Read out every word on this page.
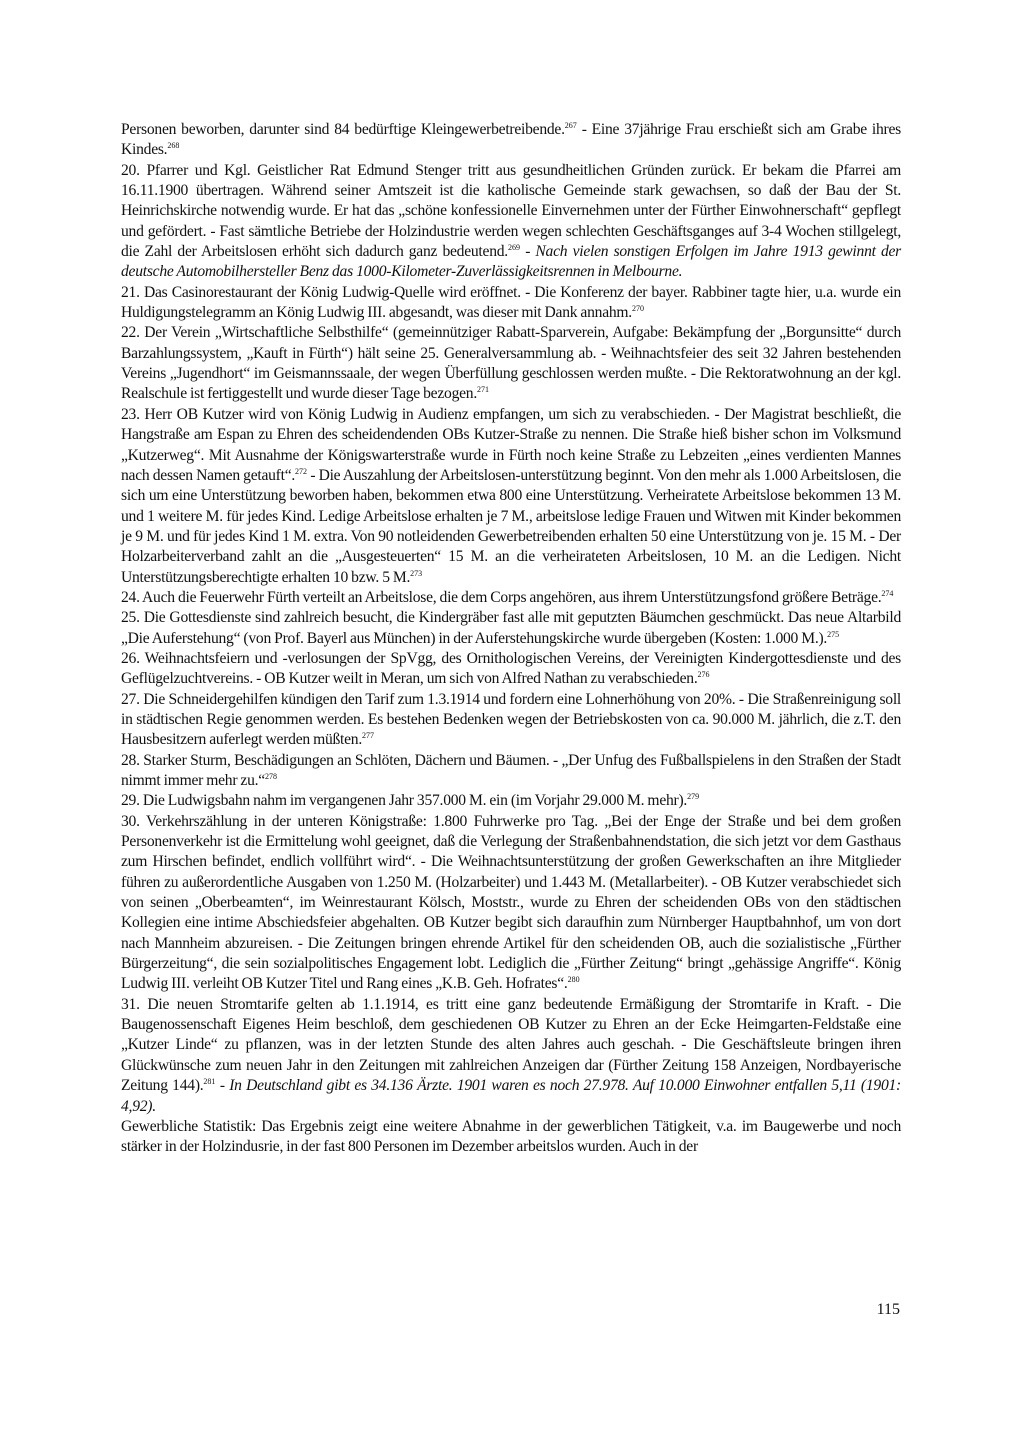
Personen beworben, darunter sind 84 bedürftige Kleingewerbetreibende.$^{267}$ - Eine 37jährige Frau erschießt sich am Grabe ihres Kindes.$^{268}$

20. Pfarrer und Kgl. Geistlicher Rat Edmund Stenger tritt aus gesundheitlichen Gründen zurück. Er bekam die Pfarrei am 16.11.1900 übertragen. Während seiner Amtszeit ist die katholische Gemeinde stark gewachsen, so daß der Bau der St. Heinrichskirche notwendig wurde. Er hat das „schöne konfessionelle Einvernehmen unter der Fürther Einwohnerschaft“ gepflegt und gefördert. - Fast sämtliche Betriebe der Holzindustrie werden wegen schlechten Geschäftsganges auf 3-4 Wochen stillgelegt, die Zahl der Arbeitslosen erhöht sich dadurch ganz bedeutend.$^{269}$ - Nach vielen sonstigen Erfolgen im Jahre 1913 gewinnt der deutsche Automobilhersteller Benz das 1000-Kilometer-Zuverlässigkeitsrennen in Melbourne.

21. Das Casinorestaurant der König Ludwig-Quelle wird eröffnet. - Die Konferenz der bayer. Rabbiner tagte hier, u.a. wurde ein Huldigungstelegramm an König Ludwig III. abgesandt, was dieser mit Dank annahm.$^{270}$

22. Der Verein „Wirtschaftliche Selbsthilfe“ (gemeinnütziger Rabatt-Sparverein, Aufgabe: Bekämpfung der „Borgunsitte“ durch Barzahlungssystem, „Kauft in Fürth“) hält seine 25. Generalversammlung ab. - Weihnachtsfeier des seit 32 Jahren bestehenden Vereins „Jugendhort“ im Geismannssaale, der wegen Überfüllung geschlossen werden mußte. - Die Rektoratwohnung an der kgl. Realschule ist fertiggestellt und wurde dieser Tage bezogen.$^{271}$

23. Herr OB Kutzer wird von König Ludwig in Audienz empfangen, um sich zu verabschieden. - Der Magistrat beschließt, die Hangstraße am Espan zu Ehren des scheidendenden OBs Kutzer-Straße zu nennen. Die Straße hieß bisher schon im Volksmund „Kutzerweg“. Mit Ausnahme der Königswarterstraße wurde in Fürth noch keine Straße zu Lebzeiten „eines verdienten Mannes nach dessen Namen getauft“.$^{272}$ - Die Auszahlung der Arbeitslosen-unterstützung beginnt. Von den mehr als 1.000 Arbeitslosen, die sich um eine Unterstützung beworben haben, bekommen etwa 800 eine Unterstützung. Verheiratete Arbeitslose bekommen 13 M. und 1 weitere M. für jedes Kind. Ledige Arbeitslose erhalten je 7 M., arbeitslose ledige Frauen und Witwen mit Kinder bekommen je 9 M. und für jedes Kind 1 M. extra. Von 90 notleidenden Gewerbetreibenden erhalten 50 eine Unterstützung von je. 15 M. - Der Holzarbeiterverband zahlt an die „Ausgesteuerten“ 15 M. an die verheirateten Arbeitslosen, 10 M. an die Ledigen. Nicht Unterstützungsberechtigte erhalten 10 bzw. 5 M.$^{273}$

24. Auch die Feuerwehr Fürth verteilt an Arbeitslose, die dem Corps angehören, aus ihrem Unterstützungsfond größere Beträge.$^{274}$

25. Die Gottesdienste sind zahlreich besucht, die Kindergräber fast alle mit geputzten Bäumchen geschmückt. Das neue Altarbild „Die Auferstehung“ (von Prof. Bayerl aus München) in der Auferstehungskirche wurde übergeben (Kosten: 1.000 M.).$^{275}$

26. Weihnachtsfeiern und -verlosungen der SpVgg, des Ornithologischen Vereins, der Vereinigten Kindergottesdienste und des Geflügelzuchtvereins. - OB Kutzer weilt in Meran, um sich von Alfred Nathan zu verabschieden.$^{276}$

27. Die Schneidergehilfen kündigen den Tarif zum 1.3.1914 und fordern eine Lohnerhöhung von 20%. - Die Straßenreinigung soll in städtischen Regie genommen werden. Es bestehen Bedenken wegen der Betriebskosten von ca. 90.000 M. jährlich, die z.T. den Hausbesitzern auferlegt werden müßten.$^{277}$

28. Starker Sturm, Beschädigungen an Schlöten, Dächern und Bäumen. - „Der Unfug des Fußballspielens in den Straßen der Stadt nimmt immer mehr zu.“$^{278}$

29. Die Ludwigsbahn nahm im vergangenen Jahr 357.000 M. ein (im Vorjahr 29.000 M. mehr).$^{279}$

30. Verkehrszählung in der unteren Königstraße: 1.800 Fuhrwerke pro Tag. „Bei der Enge der Straße und bei dem großen Personenverkehr ist die Ermittelung wohl geeignet, daß die Verlegung der Straßenbahnendstation, die sich jetzt vor dem Gasthaus zum Hirschen befindet, endlich vollführt wird“. - Die Weihnachtsunterstützung der großen Gewerkschaften an ihre Mitglieder führen zu außerordentliche Ausgaben von 1.250 M. (Holzarbeiter) und 1.443 M. (Metallarbeiter). - OB Kutzer verabschiedet sich von seinen „Oberbeamten“, im Weinrestaurant Kölsch, Moststr., wurde zu Ehren der scheidenden OBs von den städtischen Kollegien eine intime Abschiedsfeier abgehalten. OB Kutzer begibt sich daraufhin zum Nürnberger Hauptbahnhof, um von dort nach Mannheim abzureisen. - Die Zeitungen bringen ehrende Artikel für den scheidenden OB, auch die sozialistische „Fürther Bürgerzeitung“, die sein sozialpolitisches Engagement lobt. Lediglich die „Fürther Zeitung“ bringt „gehässige Angriffe“. König Ludwig III. verleiht OB Kutzer Titel und Rang eines „K.B. Geh. Hofrates“.$^{280}$

31. Die neuen Stromtarife gelten ab 1.1.1914, es tritt eine ganz bedeutende Ermäßigung der Stromtarife in Kraft. - Die Baugenossenschaft Eigenes Heim beschloß, dem geschiedenen OB Kutzer zu Ehren an der Ecke Heimgarten-Feldstaße eine „Kutzer Linde“ zu pflanzen, was in der letzten Stunde des alten Jahres auch geschah. - Die Geschäftsleute bringen ihren Glückwünsche zum neuen Jahr in den Zeitungen mit zahlreichen Anzeigen dar (Fürther Zeitung 158 Anzeigen, Nordbayerische Zeitung 144).$^{281}$ - In Deutschland gibt es 34.136 Ärzte. 1901 waren es noch 27.978. Auf 10.000 Einwohner entfallen 5,11 (1901: 4,92).

Gewerbliche Statistik: Das Ergebnis zeigt eine weitere Abnahme in der gewerblichen Tätigkeit, v.a. im Baugewerbe und noch stärker in der Holzindusrie, in der fast 800 Personen im Dezember arbeitslos wurden. Auch in der

115
